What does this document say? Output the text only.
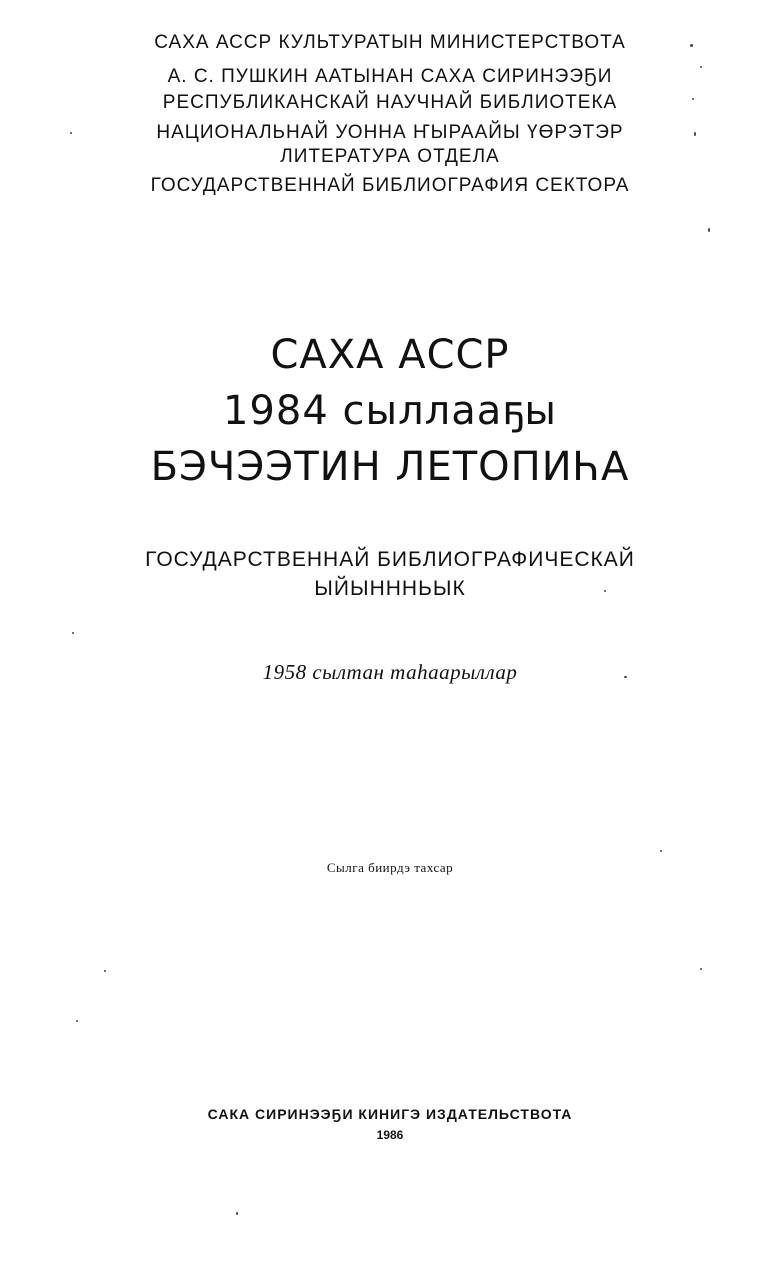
САХА АССР КУЛЬТУРАТЫН МИНИСТЕРСТВОТА
А. С. ПУШКИН ААТЫНАН САХА СИРИНЭЭҔИ
РЕСПУБЛИКАНСКАЙ НАУЧНАЙ БИБЛИОТЕКА
НАЦИОНАЛЬНАЙ УОННА ҤЫРААЙЫ ҮӨРЭТЭР
ЛИТЕРАТУРА ОТДЕЛА
ГОСУДАРСТВЕННАЙ БИБЛИОГРАФИЯ СЕКТОРА
САХА АССР
1984 сыллааҕы
БЭЧЭЭТИН ЛЕТОПИҺА
ГОСУДАРСТВЕННАЙ БИБЛИОГРАФИЧЕСКАЙ
ЫЙЫНННЬЫК
1958 сылтан таһаарыллар
Сылга биирдэ тахсар
САКА СИРИНЭЭҔИ КИНИГЭ ИЗДАТЕЛЬСТВОТА
1986
